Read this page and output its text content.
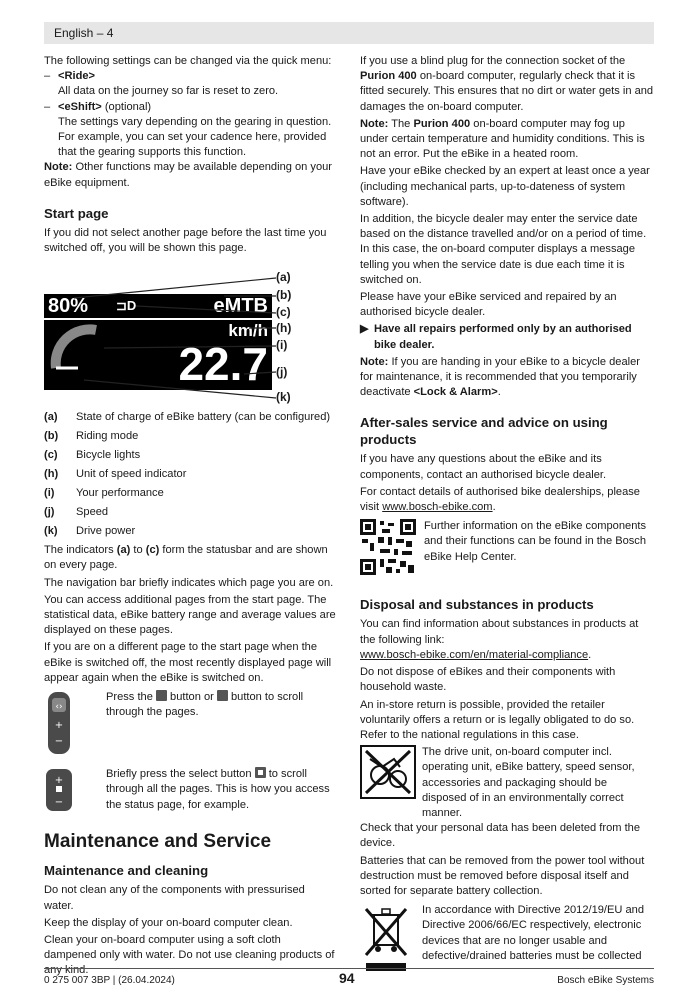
English – 4

The following settings can be changed via the quick menu:

– <Ride>

All data on the journey so far is reset to zero.

– <eShift> (optional)

The settings vary depending on the gearing in question. For example, you can set your cadence here, provided that the gearing supports this function.

Note: Other functions may be available depending on your eBike equipment.

Start page

If you did not select another page before the last time you switched off, you will be shown this page.

80% ⊐D	eMTB
km/h
22.7
(a)
(b)
(c)
(h)
(i)
(j)
(k)
(a)	State of charge of eBike battery (can be configured)
(b)	Riding mode
(c)	Bicycle lights
(h)	Unit of speed indicator
(i)	Your performance
(j)	Speed
(k)	Drive power

The indicators (a) to (c) form the statusbar and are shown on every page.

The navigation bar briefly indicates which page you are on.

You can access additional pages from the start page. The statistical data, eBike battery range and average values are displayed on these pages.

If you are on a different page to the start page when the eBike is switched off, the most recently displayed page will appear again when the eBike is switched on.

‹›
+
−

Press the  button or  button to scroll through the pages.

+
−

Briefly press the select button  to scroll through all the pages. This is how you access the status page, for example.

Maintenance and Service
Maintenance and cleaning

Do not clean any of the components with pressurised water.

Keep the display of your on-board computer clean.

Clean your on-board computer using a soft cloth dampened only with water. Do not use cleaning products of any kind.

If you use a blind plug for the connection socket of the Purion 400 on-board computer, regularly check that it is fitted securely. This ensures that no dirt or water gets in and damages the on-board computer.

Note: The Purion 400 on-board computer may fog up under certain temperature and humidity conditions. This is not an error. Put the eBike in a heated room.

Have your eBike checked by an expert at least once a year (including mechanical parts, up-to-dateness of system software).

In addition, the bicycle dealer may enter the service date based on the distance travelled and/or on a period of time. In this case, the on-board computer displays a message telling you when the service date is due each time it is switched on.

Please have your eBike serviced and repaired by an authorised bicycle dealer.

▶ Have all repairs performed only by an authorised bike dealer.

Note: If you are handing in your eBike to a bicycle dealer for maintenance, it is recommended that you temporarily deactivate <Lock & Alarm>.

After-sales service and advice on using products

If you have any questions about the eBike and its components, contact an authorised bicycle dealer.

For contact details of authorised bike dealerships, please visit www.bosch-ebike.com.

Further information on the eBike components and their functions can be found in the Bosch eBike Help Center.

Disposal and substances in products

You can find information about substances in products at the following link:

www.bosch-ebike.com/en/material-compliance.

Do not dispose of eBikes and their components with household waste.

An in-store return is possible, provided the retailer voluntarily offers a return or is legally obligated to do so. Refer to the national regulations in this case.

The drive unit, on-board computer incl. operating unit, eBike battery, speed sensor, accessories and packaging should be disposed of in an environmentally correct manner.

Check that your personal data has been deleted from the device.

Batteries that can be removed from the power tool without destruction must be removed before disposal itself and sorted for separate battery collection.

In accordance with Directive 2012/19/EU and Directive 2006/66/EC respectively, electronic devices that are no longer usable and defective/drained batteries must be collected

0 275 007 3BP | (26.04.2024)	94	Bosch eBike Systems
